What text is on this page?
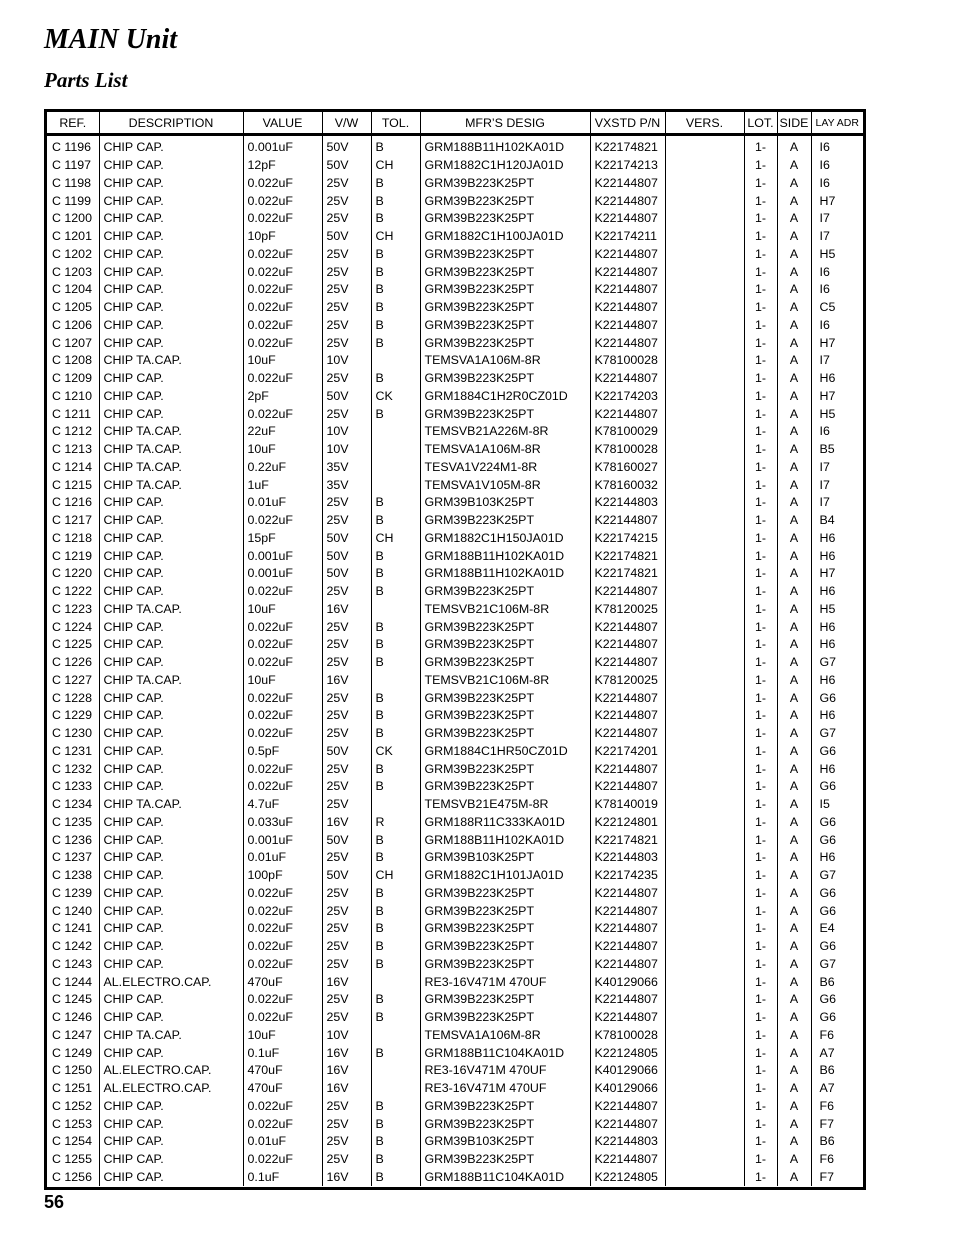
MAIN Unit
Parts List
REF.	DESCRIPTION	VALUE	V/W	TOL.	MFR’S DESIG	VXSTD P/N	VERS.	LOT.	SIDE	LAY ADR
C 1196	CHIP CAP.	0.001uF	50V	B	GRM188B11H102KA01D	K22174821		1-	A	I6
C 1197	CHIP CAP.	12pF	50V	CH	GRM1882C1H120JA01D	K22174213		1-	A	I6
C 1198	CHIP CAP.	0.022uF	25V	B	GRM39B223K25PT	K22144807		1-	A	I6
C 1199	CHIP CAP.	0.022uF	25V	B	GRM39B223K25PT	K22144807		1-	A	H7
C 1200	CHIP CAP.	0.022uF	25V	B	GRM39B223K25PT	K22144807		1-	A	I7
C 1201	CHIP CAP.	10pF	50V	CH	GRM1882C1H100JA01D	K22174211		1-	A	I7
C 1202	CHIP CAP.	0.022uF	25V	B	GRM39B223K25PT	K22144807		1-	A	H5
C 1203	CHIP CAP.	0.022uF	25V	B	GRM39B223K25PT	K22144807		1-	A	I6
C 1204	CHIP CAP.	0.022uF	25V	B	GRM39B223K25PT	K22144807		1-	A	I6
C 1205	CHIP CAP.	0.022uF	25V	B	GRM39B223K25PT	K22144807		1-	A	C5
C 1206	CHIP CAP.	0.022uF	25V	B	GRM39B223K25PT	K22144807		1-	A	I6
C 1207	CHIP CAP.	0.022uF	25V	B	GRM39B223K25PT	K22144807		1-	A	H7
C 1208	CHIP TA.CAP.	10uF	10V		TEMSVA1A106M-8R	K78100028		1-	A	I7
C 1209	CHIP CAP.	0.022uF	25V	B	GRM39B223K25PT	K22144807		1-	A	H6
C 1210	CHIP CAP.	2pF	50V	CK	GRM1884C1H2R0CZ01D	K22174203		1-	A	H7
C 1211	CHIP CAP.	0.022uF	25V	B	GRM39B223K25PT	K22144807		1-	A	H5
C 1212	CHIP TA.CAP.	22uF	10V		TEMSVB21A226M-8R	K78100029		1-	A	I6
C 1213	CHIP TA.CAP.	10uF	10V		TEMSVA1A106M-8R	K78100028		1-	A	B5
C 1214	CHIP TA.CAP.	0.22uF	35V		TESVA1V224M1-8R	K78160027		1-	A	I7
C 1215	CHIP TA.CAP.	1uF	35V		TEMSVA1V105M-8R	K78160032		1-	A	I7
C 1216	CHIP CAP.	0.01uF	25V	B	GRM39B103K25PT	K22144803		1-	A	I7
C 1217	CHIP CAP.	0.022uF	25V	B	GRM39B223K25PT	K22144807		1-	A	B4
C 1218	CHIP CAP.	15pF	50V	CH	GRM1882C1H150JA01D	K22174215		1-	A	H6
C 1219	CHIP CAP.	0.001uF	50V	B	GRM188B11H102KA01D	K22174821		1-	A	H6
C 1220	CHIP CAP.	0.001uF	50V	B	GRM188B11H102KA01D	K22174821		1-	A	H7
C 1222	CHIP CAP.	0.022uF	25V	B	GRM39B223K25PT	K22144807		1-	A	H6
C 1223	CHIP TA.CAP.	10uF	16V		TEMSVB21C106M-8R	K78120025		1-	A	H5
C 1224	CHIP CAP.	0.022uF	25V	B	GRM39B223K25PT	K22144807		1-	A	H6
C 1225	CHIP CAP.	0.022uF	25V	B	GRM39B223K25PT	K22144807		1-	A	H6
C 1226	CHIP CAP.	0.022uF	25V	B	GRM39B223K25PT	K22144807		1-	A	G7
C 1227	CHIP TA.CAP.	10uF	16V		TEMSVB21C106M-8R	K78120025		1-	A	H6
C 1228	CHIP CAP.	0.022uF	25V	B	GRM39B223K25PT	K22144807		1-	A	G6
C 1229	CHIP CAP.	0.022uF	25V	B	GRM39B223K25PT	K22144807		1-	A	H6
C 1230	CHIP CAP.	0.022uF	25V	B	GRM39B223K25PT	K22144807		1-	A	G7
C 1231	CHIP CAP.	0.5pF	50V	CK	GRM1884C1HR50CZ01D	K22174201		1-	A	G6
C 1232	CHIP CAP.	0.022uF	25V	B	GRM39B223K25PT	K22144807		1-	A	H6
C 1233	CHIP CAP.	0.022uF	25V	B	GRM39B223K25PT	K22144807		1-	A	G6
C 1234	CHIP TA.CAP.	4.7uF	25V		TEMSVB21E475M-8R	K78140019		1-	A	I5
C 1235	CHIP CAP.	0.033uF	16V	R	GRM188R11C333KA01D	K22124801		1-	A	G6
C 1236	CHIP CAP.	0.001uF	50V	B	GRM188B11H102KA01D	K22174821		1-	A	G6
C 1237	CHIP CAP.	0.01uF	25V	B	GRM39B103K25PT	K22144803		1-	A	H6
C 1238	CHIP CAP.	100pF	50V	CH	GRM1882C1H101JA01D	K22174235		1-	A	G7
C 1239	CHIP CAP.	0.022uF	25V	B	GRM39B223K25PT	K22144807		1-	A	G6
C 1240	CHIP CAP.	0.022uF	25V	B	GRM39B223K25PT	K22144807		1-	A	G6
C 1241	CHIP CAP.	0.022uF	25V	B	GRM39B223K25PT	K22144807		1-	A	E4
C 1242	CHIP CAP.	0.022uF	25V	B	GRM39B223K25PT	K22144807		1-	A	G6
C 1243	CHIP CAP.	0.022uF	25V	B	GRM39B223K25PT	K22144807		1-	A	G7
C 1244	AL.ELECTRO.CAP.	470uF	16V		RE3-16V471M 470UF	K40129066		1-	A	B6
C 1245	CHIP CAP.	0.022uF	25V	B	GRM39B223K25PT	K22144807		1-	A	G6
C 1246	CHIP CAP.	0.022uF	25V	B	GRM39B223K25PT	K22144807		1-	A	G6
C 1247	CHIP TA.CAP.	10uF	10V		TEMSVA1A106M-8R	K78100028		1-	A	F6
C 1249	CHIP CAP.	0.1uF	16V	B	GRM188B11C104KA01D	K22124805		1-	A	A7
C 1250	AL.ELECTRO.CAP.	470uF	16V		RE3-16V471M 470UF	K40129066		1-	A	B6
C 1251	AL.ELECTRO.CAP.	470uF	16V		RE3-16V471M 470UF	K40129066		1-	A	A7
C 1252	CHIP CAP.	0.022uF	25V	B	GRM39B223K25PT	K22144807		1-	A	F6
C 1253	CHIP CAP.	0.022uF	25V	B	GRM39B223K25PT	K22144807		1-	A	F7
C 1254	CHIP CAP.	0.01uF	25V	B	GRM39B103K25PT	K22144803		1-	A	B6
C 1255	CHIP CAP.	0.022uF	25V	B	GRM39B223K25PT	K22144807		1-	A	F6
C 1256	CHIP CAP.	0.1uF	16V	B	GRM188B11C104KA01D	K22124805		1-	A	F7
56
